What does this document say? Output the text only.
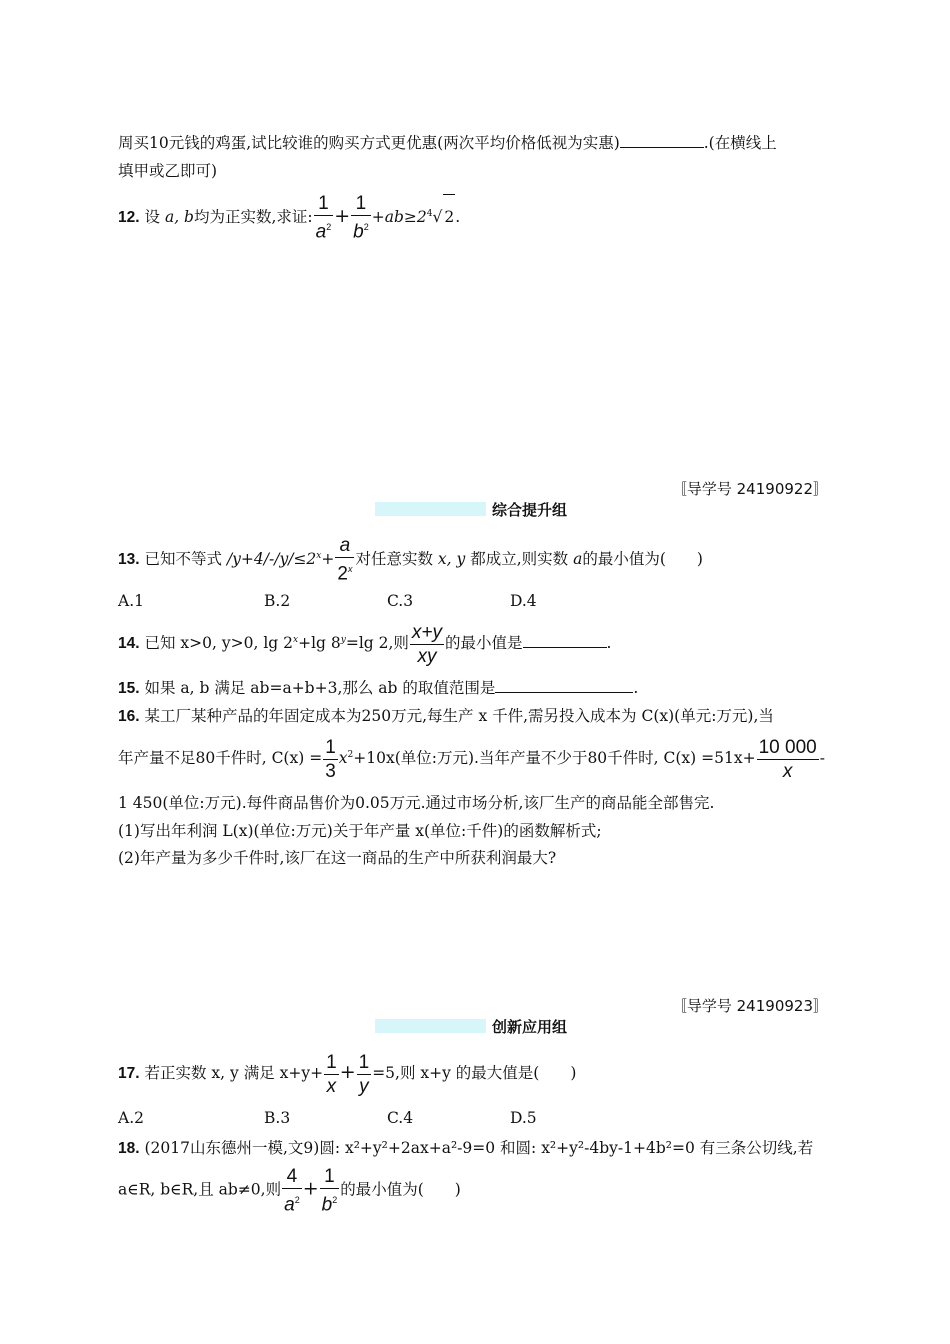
周买10元钱的鸡蛋,试比较谁的购买方式更优惠(两次平均价格低视为实惠)	.(在横线上
填甲或乙即可)
12. 设 a, b均为正实数,求证: $\frac{1}{a^2} + \frac{1}{b^2} +ab\ge 2^4√$ 2.
〚导学号 24190922〛
综合提升组
13. 已知不等式 $/y+4/-/y/\le 2^x+ \frac{a}{2^x}$ 对任意实数 x, y 都成立,则实数 a的最小值为(　　)
A.1	B.2	C.3	D.4
14. 已知 x>0, y>0, $\lg 2^x+\lg$ $8^y=\lg$ 2,则 $\frac{x+y}{xy}$ 的最小值是	.
15. 如果 a, b 满足 ab=a+b+3,那么 ab 的取值范围是	.
16. 某工厂某种产品的年固定成本为250万元,每生产 x 千件,需另投入成本为 C(x)(单元:万元),当
年产量不足80千件时, $C(x) = \frac{1}{3} x^2+10x$(单位:万元).当年产量不少于80千件时, $C(x) =51x+ \frac{10 000}{x}$ -
1 450(单位:万元).每件商品售价为0.05万元.通过市场分析,该厂生产的商品能全部售完.
(1)写出年利润 L(x)(单位:万元)关于年产量 x(单位:千件)的函数解析式;
(2)年产量为多少千件时,该厂在这一商品的生产中所获利润最大?
〚导学号 24190923〛
创新应用组
17. 若正实数 x, y 满足 $x+y+ \frac{1}{x} + \frac{1}{y} =5$,则 x+y 的最大值是(　　)
A.2	B.3	C.4	D.5
18. (2017山东德州一模,文9)圆: x²+y²+2ax+a²-9=0 和圆: x²+y²-4by-1+4b²=0 有三条公切线,若
a∈R, b∈R,且 ab≠0,则 $\frac{4}{a^2} + \frac{1}{b^2}$ 的最小值为(　　)
